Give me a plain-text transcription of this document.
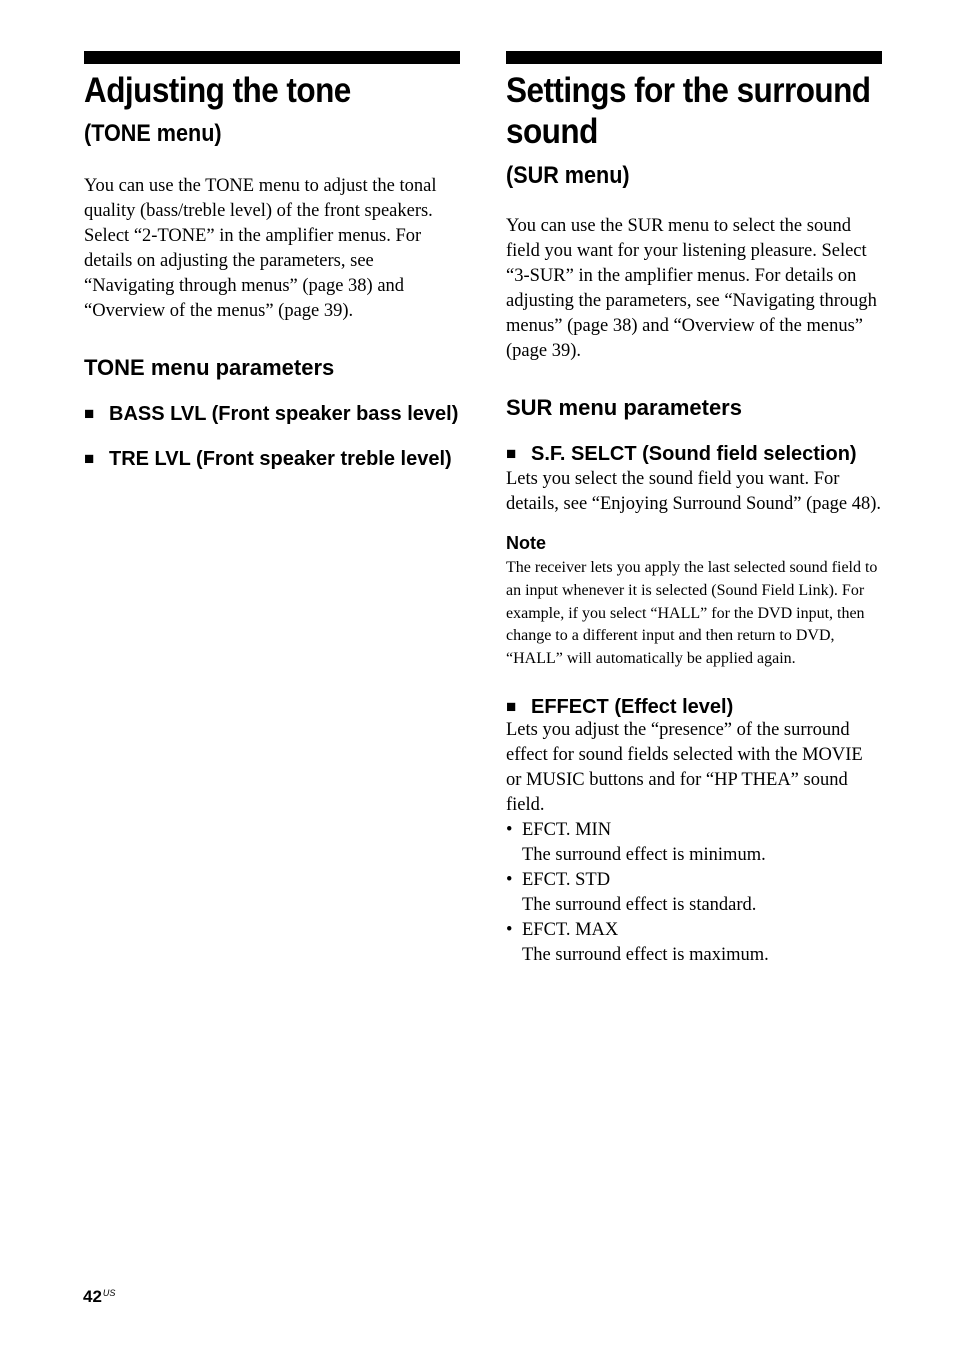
Adjusting the tone
(TONE menu)

You can use the TONE menu to adjust the tonal quality (bass/treble level) of the front speakers.

Select “2-TONE” in the amplifier menus. For details on adjusting the parameters, see “Navigating through menus” (page 38) and “Overview of the menus” (page 39).

TONE menu parameters
■ BASS LVL (Front speaker bass level)
■ TRE LVL (Front speaker treble level)
Settings for the surround sound
(SUR menu)

You can use the SUR menu to select the sound field you want for your listening pleasure. Select “3-SUR” in the amplifier menus. For details on adjusting the parameters, see “Navigating through menus” (page 38) and “Overview of the menus” (page 39).

SUR menu parameters
■ S.F. SELCT (Sound field selection)

Lets you select the sound field you want. For details, see “Enjoying Surround Sound” (page 48).

Note

The receiver lets you apply the last selected sound field to an input whenever it is selected (Sound Field Link). For example, if you select “HALL” for the DVD input, then change to a different input and then return to DVD, “HALL” will automatically be applied again.

■ EFFECT (Effect level)

Lets you adjust the “presence” of the surround effect for sound fields selected with the MOVIE or MUSIC buttons and for “HP THEA” sound field.

• EFCT. MIN
The surround effect is minimum.
• EFCT. STD
The surround effect is standard.
• EFCT. MAX
The surround effect is maximum.
$42^{US}$
